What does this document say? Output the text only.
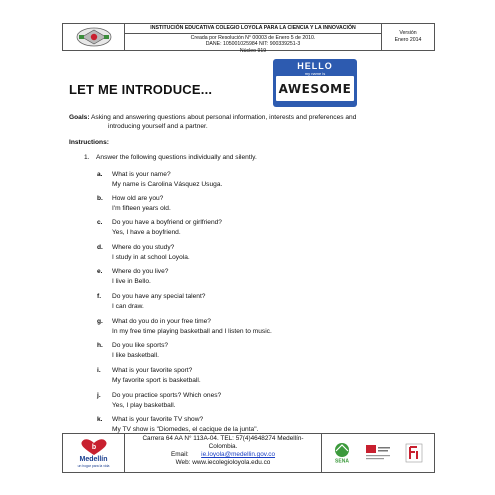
INSTITUCIÓN EDUCATIVA COLEGIO LOYOLA PARA LA CIENCIA Y LA INNOVACIÓN
Creada por Resolución N° 00003 de Enero 5 de 2010.
DANE: 105001025984 NIT: 900339251-3
Núcleo 919
Versión
Enero 2014
LET ME INTRODUCE...
HELLO
my name is
AWESOME
Goals: Asking and answering questions about personal information, interests and preferences and
introducing yourself and a partner.
Instructions:
1. Answer the following questions individually and silently.
a.	What is your name?
My name is Carolina Vásquez Usuga.
b.	How old are you?
I'm fifteen years old.
c.	Do you have a boyfriend or girlfriend?
Yes, I have a boyfriend.
d.	Where do you study?
I study in at school Loyola.
e.	Where do you live?
I live in Bello.
f.	Do you have any special talent?
I can draw.
g.	What do you do in your free time?
In my free time playing basketball and I listen to music.
h.	Do you like sports?
I like basketball.
i.	What is your favorite sport?
My favorite sport is basketball.
j.	Do you practice sports? Which ones?
Yes, I play basketball.
k.	What is your favorite TV show?
My TV show is "Diomedes, el cacique de la junta".
b
Medellín
un hogar para la vida
Carrera 64 AA N° 113A-04. TEL: 57(4)4648274 Medellín-
Colombia.
Email: ie.loyola@medellin.gov.co
Web: www.iecolegioloyola.edu.co	SENA
